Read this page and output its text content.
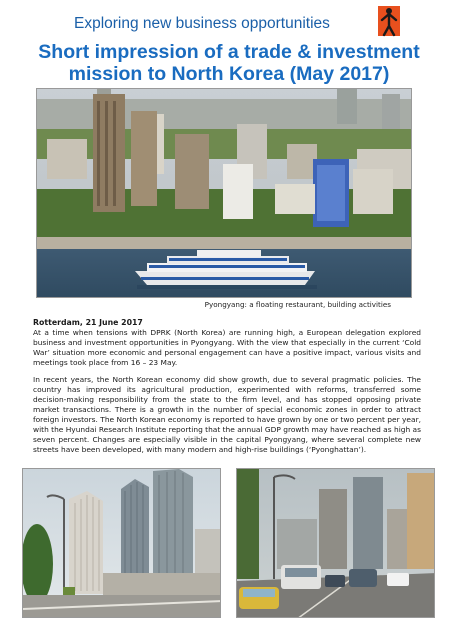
Exploring new business opportunities
Short impression of a trade & investment
mission to North Korea (May 2017)
Pyongyang: a floating restaurant, building activities
Rotterdam, 21 June 2017

At a time when tensions with DPRK (North Korea) are running high, a European delegation explored business and investment opportunities in Pyongyang. With the view that especially in the current ‘Cold War’ situation more economic and personal engagement can have a positive impact, various visits and meetings took place from 16 – 23 May.

In recent years, the North Korean economy did show growth, due to several pragmatic policies. The country has improved its agricultural production, experimented with reforms, transferred some decision-making responsibility from the state to the firm level, and has stopped opposing private market transactions. There is a growth in the number of special economic zones in order to attract foreign investors. The North Korean economy is reported to have grown by one or two percent per year, with the Hyundai Research Institute reporting that the annual GDP growth may have reached as high as seven percent. Changes are especially visible in the capital Pyongyang, where several complete new streets have been developed, with many modern and high-rise buildings (‘Pyonghattan’).
